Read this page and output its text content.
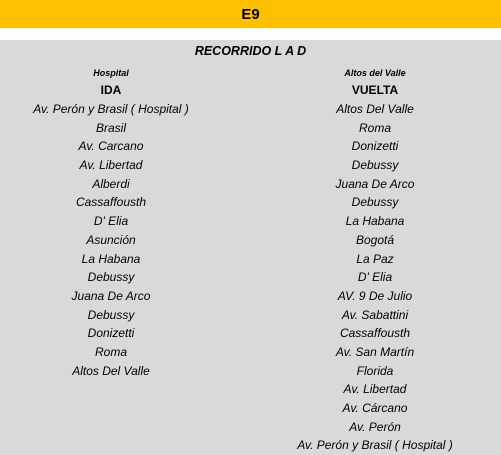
E9
RECORRIDO L A D
Hospital
IDA
Av. Perón y Brasil ( Hospital )
Brasil
Av. Carcano
Av. Libertad
Alberdi
Cassaffousth
D' Elia
Asunción
La Habana
Debussy
Juana De Arco
Debussy
Donizetti
Roma
Altos Del Valle
Altos del Valle
VUELTA
Altos Del Valle
Roma
Donizetti
Debussy
Juana De Arco
Debussy
La Habana
Bogotá
La Paz
D' Elia
AV. 9 De Julio
Av. Sabattini
Cassaffousth
Av. San Martín
Florida
Av. Libertad
Av. Cárcano
Av. Perón
Av. Perón y Brasil ( Hospital )
